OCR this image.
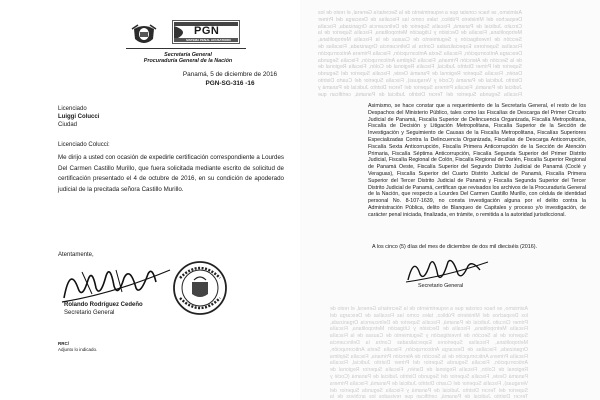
PGN
SISTEMA PENAL ACUSATORIO
Secretaría General
Procuraduría General de la Nación
Panamá, 5 de diciembre de 2016
PGN-SG-316 -16
Licenciado
Luiggi Colucci
Ciudad
Licenciado Colucci:
Me dirijo a usted con ocasión de expedirle certificación correspondiente a Lourdes Del Carmen Castillo Murillo, que fuera solicitada mediante escrito de solicitud de certificación presentado el 4 de octubre de 2016, en su condición de apoderado judicial de la precitada señora Castillo Murillo.
Atentamente,
Rolando Rodríguez Cedeño
Secretario General
RRC/
Adjunto lo indicado.
Asimismo, se hace constar que a requerimiento de la Secretaría General, el resto de los Despachos del Ministerio Público, tales como las Fiscalías de Descarga del Primer Circuito Judicial de Panamá, Fiscalía Superior de Delincuencia Organizada, Fiscalía Metropolitana, Fiscalía de Decisión y Litigación Metropolitana, Fiscalía Superior de la Sección de Investigación y Seguimiento de Causas de la Fiscalía Metropolitana, Fiscalías Superiores Especializadas Contra la Delincuencia Organizada, Fiscalías de Descarga Anticorrupción, Fiscalía Sexta Anticorrupción, Fiscalía Primera Anticorrupción de la Sección de Atención Primaria, Fiscalía Séptima Anticorrupción, Fiscalía Segunda Superior del Primer Distrito Judicial, Fiscalía Regional de Colón, Fiscalía Regional de Darién, Fiscalía Superior Regional de Panamá Oeste, Fiscalía Superior del Segundo Distrito Judicial de Panamá (Coclé y Veraguas), Fiscalía Superior del Cuarto Distrito Judicial de Panamá, Fiscalía Primera Superior del Tercer Distrito Judicial de Panamá y Fiscalía Segunda Superior del Tercer Distrito Judicial de Panamá, certifican que
Asimismo, se hace constar que a requerimiento de la Secretaría General, el resto de los Despachos del Ministerio Público, tales como las Fiscalías de Descarga del Primer Circuito Judicial de Panamá, Fiscalía Superior de Delincuencia Organizada, Fiscalía Metropolitana, Fiscalía de Decisión y Litigación Metropolitana, Fiscalía Superior de la Sección de Investigación y Seguimiento de Causas de la Fiscalía Metropolitana, Fiscalías Superiores Especializadas Contra la Delincuencia Organizada, Fiscalías de Descarga Anticorrupción, Fiscalía Sexta Anticorrupción, Fiscalía Primera Anticorrupción de la Sección de Atención Primaria, Fiscalía Séptima Anticorrupción, Fiscalía Segunda Superior del Primer Distrito Judicial, Fiscalía Regional de Colón, Fiscalía Regional de Darién, Fiscalía Superior Regional de Panamá Oeste, Fiscalía Superior del Segundo Distrito Judicial de Panamá (Coclé y Veraguas), Fiscalía Superior del Cuarto Distrito Judicial de Panamá, Fiscalía Primera Superior del Tercer Distrito Judicial de Panamá y Fiscalía Segunda Superior del Tercer Distrito Judicial de Panamá, certifican que revisados los archivos de la Procuraduría General de la Nación, que respecto a Lourdes Del Carmen Castillo Murillo, con cédula de identidad personal No. 8-107-1639, no consta investigación alguna por el delito contra la Administración Pública, delito de Blanqueo de Capitales y proceso y/o investigación, de carácter penal iniciada, finalizada, en trámite, o remitida a la autoridad jurisdiccional.
A los cinco (5) días del mes de diciembre de dos mil dieciséis (2016).
Secretario General
Asimismo, se hace constar que a requerimiento de la Secretaría General, el resto de los Despachos del Ministerio Público, tales como las Fiscalías de Descarga del Primer Circuito Judicial de Panamá, Fiscalía Superior de Delincuencia Organizada, Fiscalía Metropolitana, Fiscalía de Decisión y Litigación Metropolitana, Fiscalía Superior de la Sección de Investigación y Seguimiento de Causas de la Fiscalía Metropolitana, Fiscalías Superiores Especializadas Contra la Delincuencia Organizada, Fiscalías de Descarga Anticorrupción, Fiscalía Sexta Anticorrupción, Fiscalía Primera Anticorrupción de la Sección de Atención Primaria, Fiscalía Séptima Anticorrupción, Fiscalía Segunda Superior del Primer Distrito Judicial, Fiscalía Regional de Colón, Fiscalía Regional de Darién, Fiscalía Superior Regional de Panamá Oeste, Fiscalía Superior del Segundo Distrito Judicial de Panamá (Coclé y Veraguas), Fiscalía Superior del Cuarto Distrito Judicial de Panamá, Fiscalía Primera Superior del Tercer Distrito Judicial de Panamá y Fiscalía Segunda Superior del Tercer Distrito Judicial de Panamá, certifican que revisados los archivos de la
